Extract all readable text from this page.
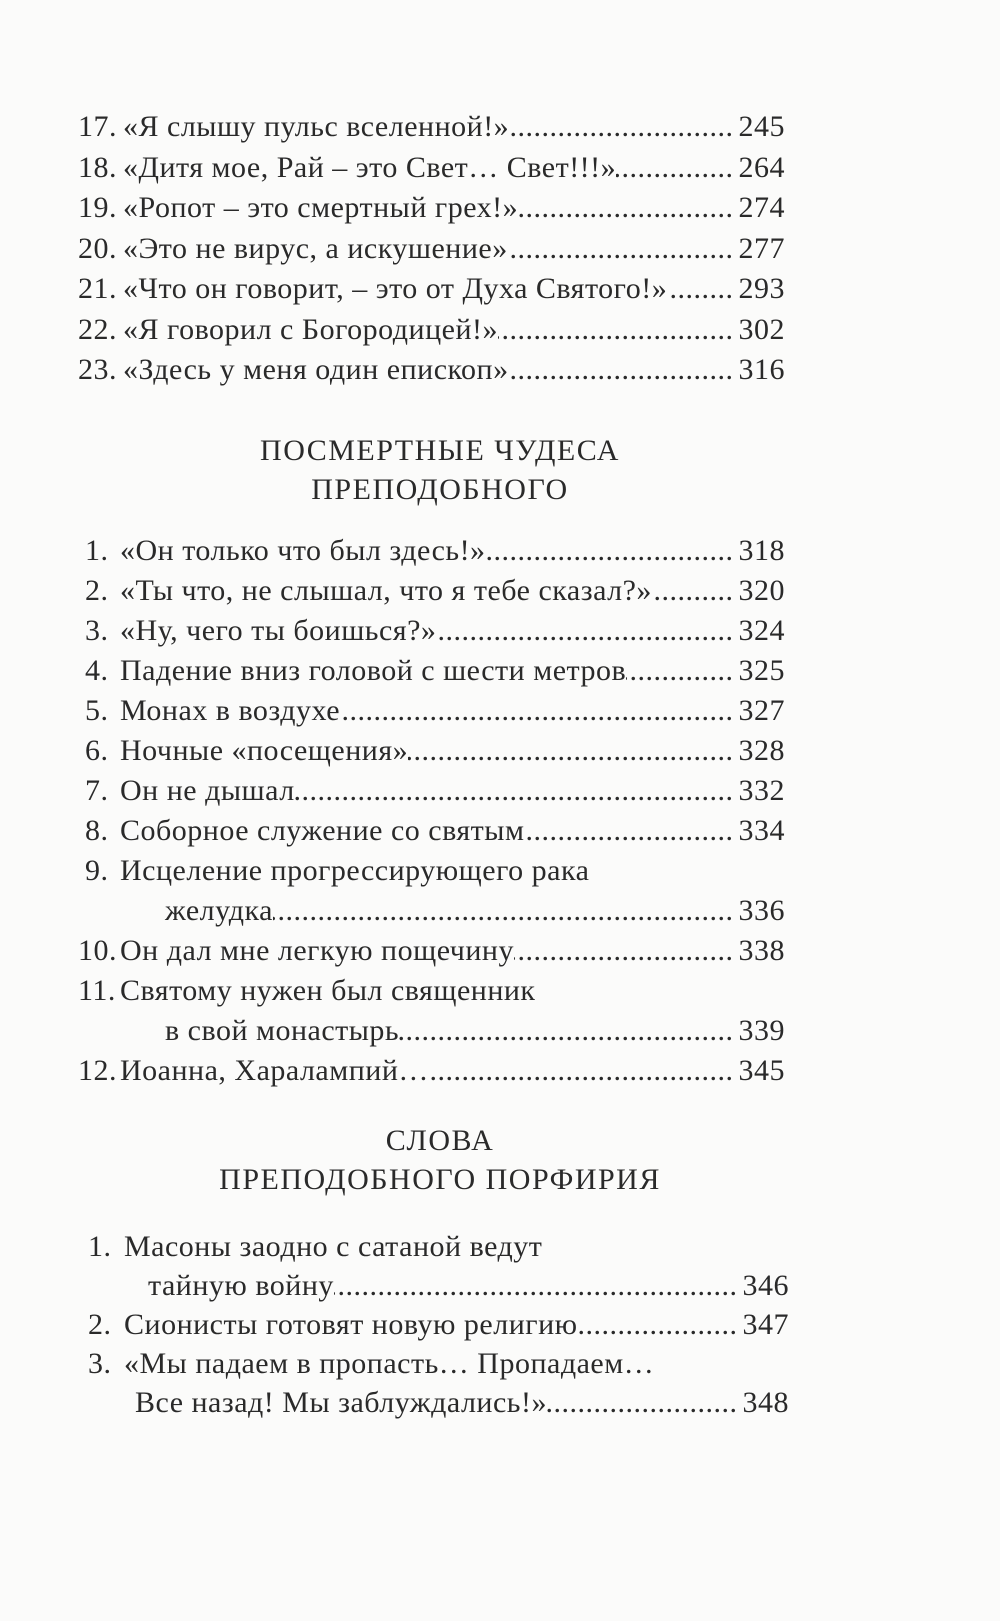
17. «Я слышу пульс вселенной!» .....	245
18. «Дитя мое, Рай – это Свет… Свет!!!» .....	264
19. «Ропот – это смертный грех!» .....	274
20. «Это не вирус, а искушение» .....	277
21. «Что он говорит, – это от Духа Святого!» ..... 293
22. «Я говорил с Богородицей!» .....	302
23. «Здесь у меня один епископ» .....	316
ПОСМЕРТНЫЕ ЧУДЕСА
ПРЕПОДОБНОГО
1. «Он только что был здесь!» .....	318
2. «Ты что, не слышал, что я тебе сказал?» .....	320
3. «Ну, чего ты боишься?» .....	324
4. Падение вниз головой с шести метров .....	325
5. Монах в воздухе .....	327
6. Ночные «посещения» .....	328
7. Он не дышал .....	332
8. Соборное служение со святым .....	334
9. Исцеление прогрессирующего рака
желудка .....	336
10. Он дал мне легкую пощечину .....	338
11. Святому нужен был священник
в свой монастырь .....	339
12. Иоанна, Харалампий… .....	345
СЛОВА
ПРЕПОДОБНОГО ПОРФИРИЯ
1. Масоны заодно с сатаной ведут
тайную войну .....	346
2. Сионисты готовят новую религию .....	347
3. «Мы падаем в пропасть… Пропадаем…
Все назад! Мы заблуждались!» .....	348
